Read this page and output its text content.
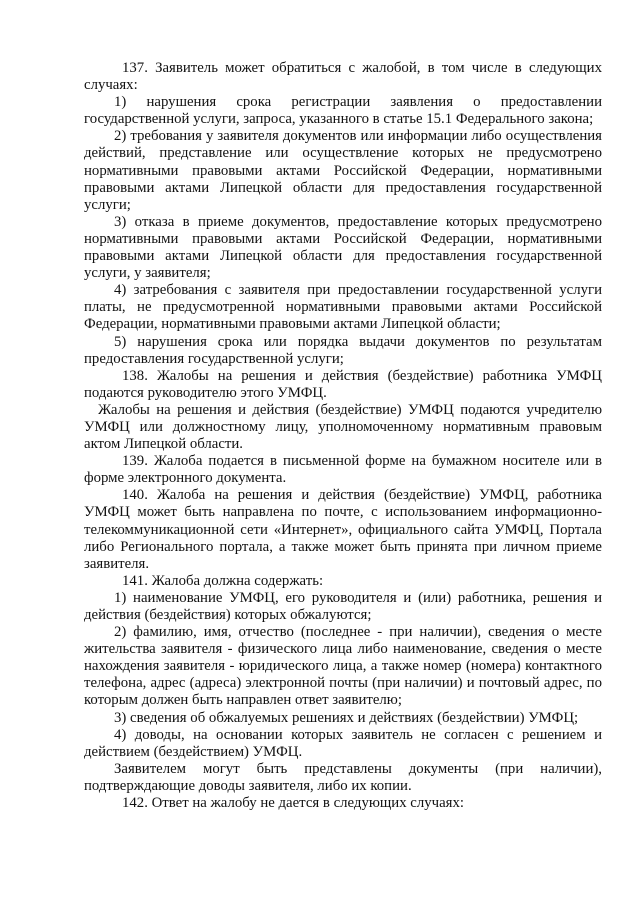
137. Заявитель может обратиться с жалобой, в том числе в следующих случаях:

1) нарушения срока регистрации заявления о предоставлении государственной услуги, запроса, указанного в статье 15.1 Федерального закона;

2) требования у заявителя документов или информации либо осуществления действий, представление или осуществление которых не предусмотрено нормативными правовыми актами Российской Федерации, нормативными правовыми актами Липецкой области для предоставления государственной услуги;

3) отказа в приеме документов, предоставление которых предусмотрено нормативными правовыми актами Российской Федерации, нормативными правовыми актами Липецкой области для предоставления государственной услуги, у заявителя;

4) затребования с заявителя при предоставлении государственной услуги платы, не предусмотренной нормативными правовыми актами Российской Федерации, нормативными правовыми актами Липецкой области;

5) нарушения срока или порядка выдачи документов по результатам предоставления государственной услуги;

138. Жалобы на решения и действия (бездействие) работника УМФЦ подаются руководителю этого УМФЦ.

Жалобы на решения и действия (бездействие) УМФЦ подаются учредителю УМФЦ или должностному лицу, уполномоченному нормативным правовым актом Липецкой области.

139. Жалоба подается в письменной форме на бумажном носителе или в форме электронного документа.

140. Жалоба на решения и действия (бездействие) УМФЦ, работника УМФЦ может быть направлена по почте, с использованием информационно-телекоммуникационной сети «Интернет», официального сайта УМФЦ, Портала либо Регионального портала, а также может быть принята при личном приеме заявителя.

141. Жалоба должна содержать:

1) наименование УМФЦ, его руководителя и (или) работника, решения и действия (бездействия) которых обжалуются;

2) фамилию, имя, отчество (последнее - при наличии), сведения о месте жительства заявителя - физического лица либо наименование, сведения о месте нахождения заявителя - юридического лица, а также номер (номера) контактного телефона, адрес (адреса) электронной почты (при наличии) и почтовый адрес, по которым должен быть направлен ответ заявителю;

3) сведения об обжалуемых решениях и действиях (бездействии) УМФЦ;

4) доводы, на основании которых заявитель не согласен с решением и действием (бездействием) УМФЦ.

Заявителем могут быть представлены документы (при наличии), подтверждающие доводы заявителя, либо их копии.

142. Ответ на жалобу не дается в следующих случаях:
